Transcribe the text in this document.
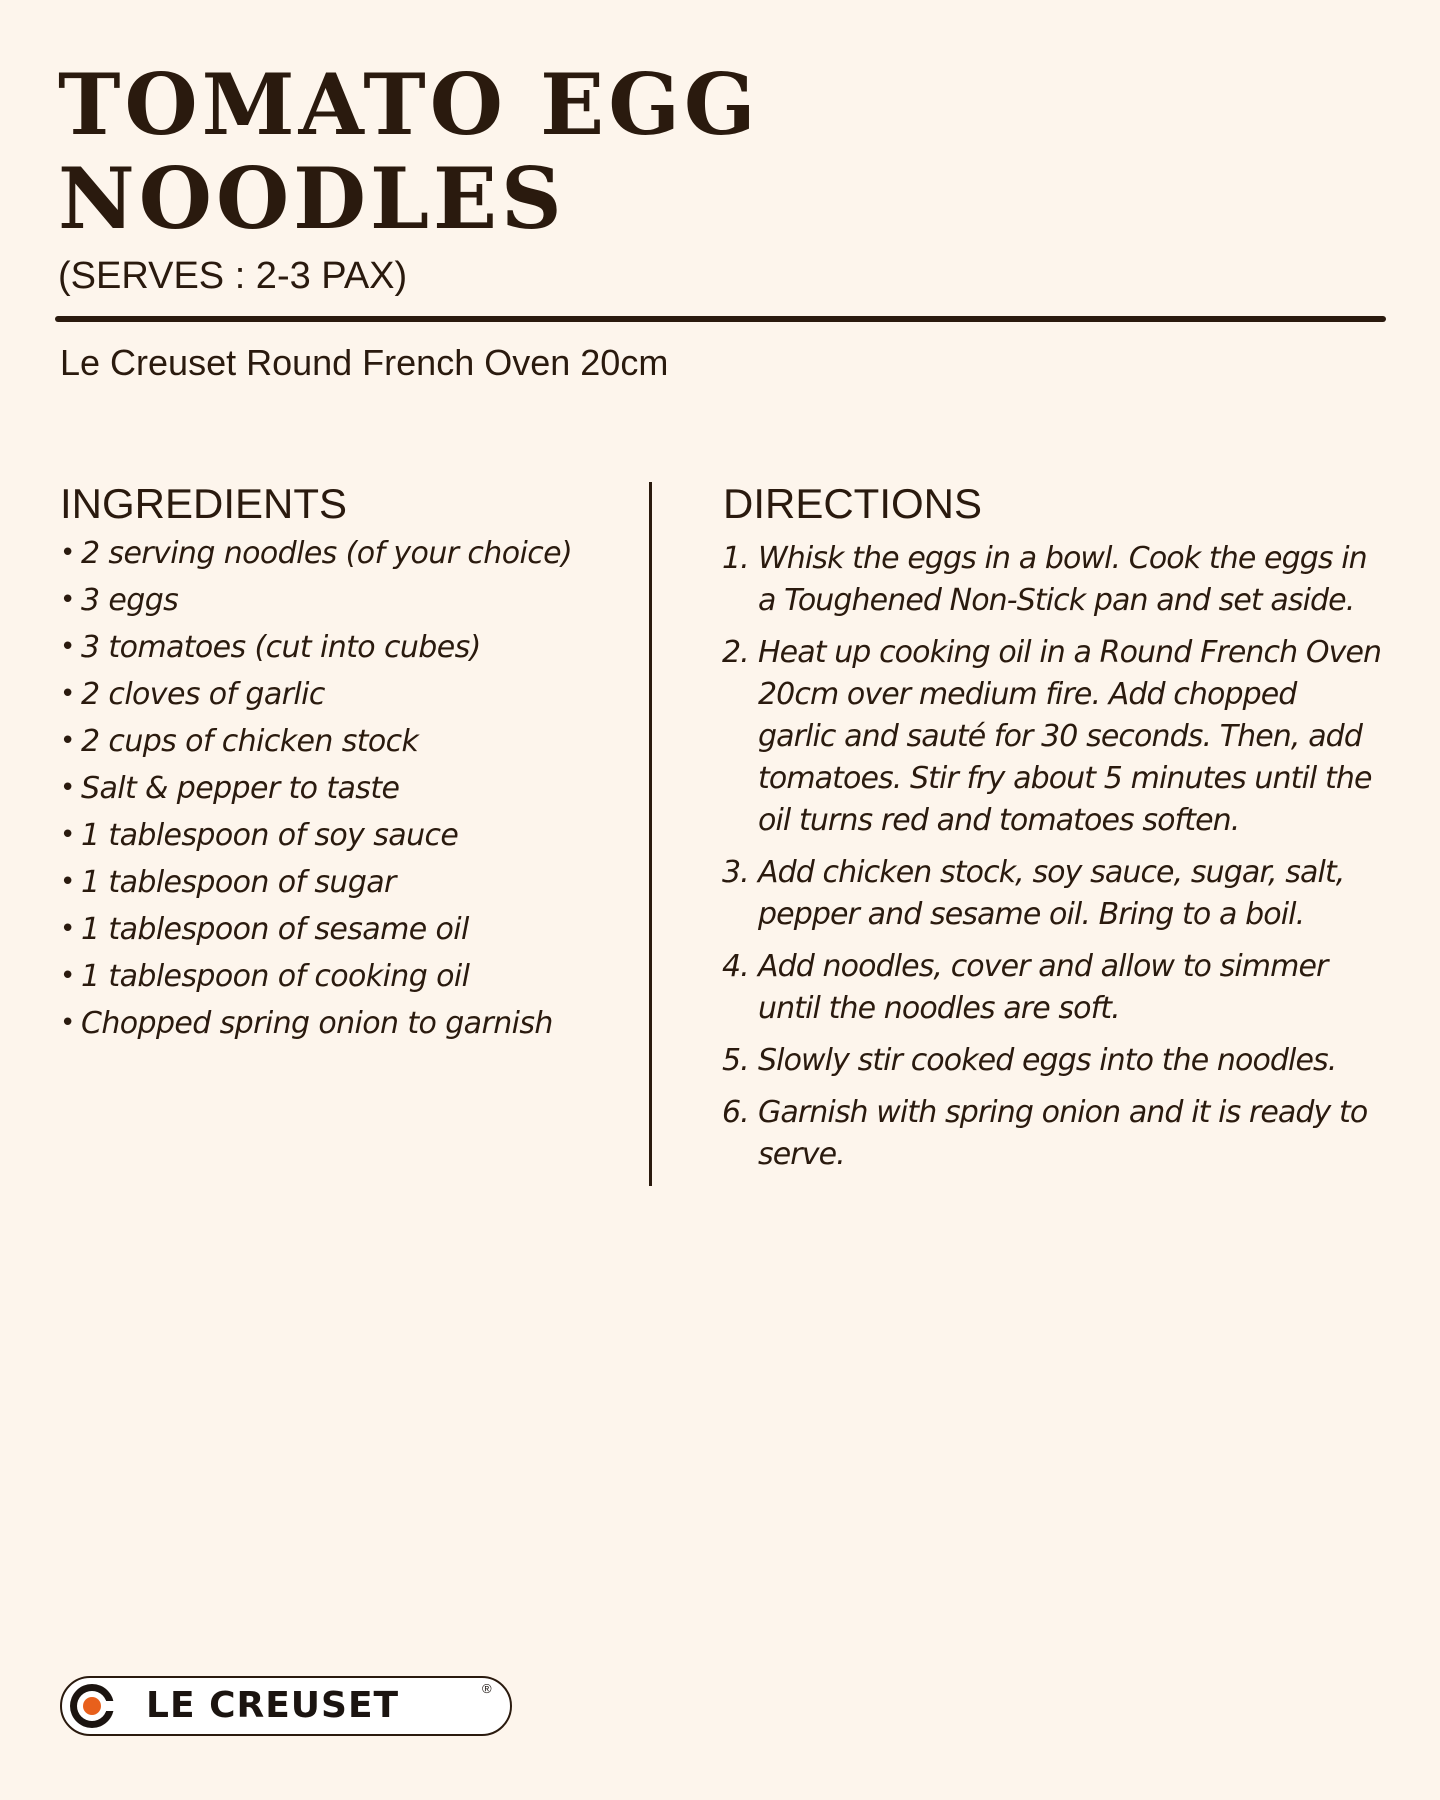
TOMATO EGG
NOODLES
(SERVES : 2-3 PAX)
Le Creuset Round French Oven 20cm
INGREDIENTS
• 2 serving noodles (of your choice)
• 3 eggs
• 3 tomatoes (cut into cubes)
• 2 cloves of garlic
• 2 cups of chicken stock
• Salt & pepper to taste
• 1 tablespoon of soy sauce
• 1 tablespoon of sugar
• 1 tablespoon of sesame oil
• 1 tablespoon of cooking oil
• Chopped spring onion to garnish
DIRECTIONS
1. Whisk the eggs in a bowl. Cook the eggs in a Toughened Non-Stick pan and set aside.
2. Heat up cooking oil in a Round French Oven 20cm over medium fire. Add chopped garlic and sauté for 30 seconds. Then, add tomatoes. Stir fry about 5 minutes until the oil turns red and tomatoes soften.
3. Add chicken stock, soy sauce, sugar, salt, pepper and sesame oil. Bring to a boil.
4. Add noodles, cover and allow to simmer until the noodles are soft.
5. Slowly stir cooked eggs into the noodles.
6. Garnish with spring onion and it is ready to serve.
LE CREUSET	®
